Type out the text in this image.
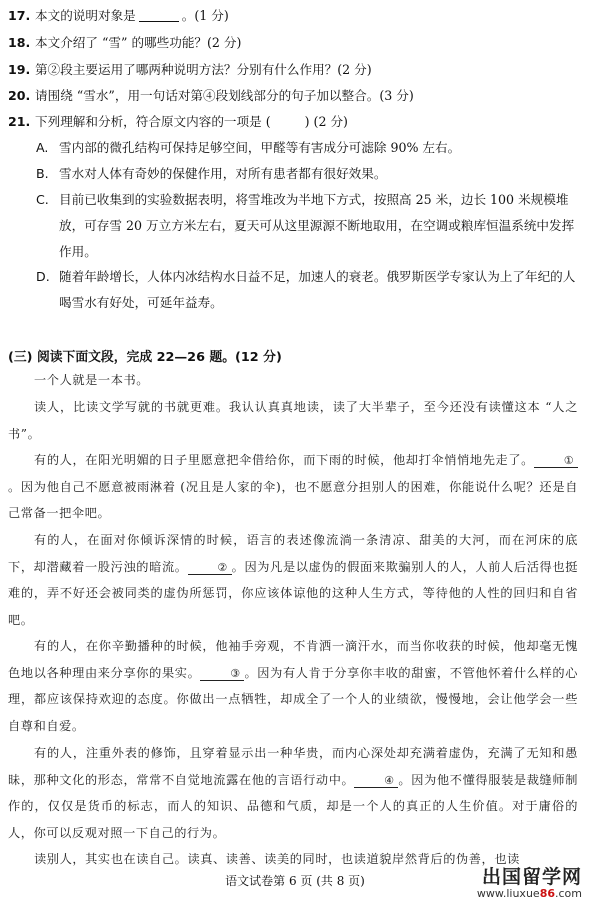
17. 本文的说明对象是	。(1 分)
18. 本文介绍了 “雪” 的哪些功能？(2 分)
19. 第②段主要运用了哪两种说明方法？分别有什么作用？(2 分)
20. 请围绕 “雪水”，用一句话对第④段划线部分的句子加以整合。(3 分)
21. 下列理解和分析，符合原文内容的一项是 (	) (2 分)
A. 雪内部的微孔结构可保持足够空间，甲醛等有害成分可滤除 90% 左右。
B. 雪水对人体有奇妙的保健作用，对所有患者都有很好效果。
C. 目前已收集到的实验数据表明，将雪堆改为半地下方式，按照高 25 米，边长 100 米规模堆放，可存雪 20 万立方米左右，夏天可从这里源源不断地取用，在空调或粮库恒温系统中发挥作用。
D. 随着年龄增长，人体内冰结构水日益不足，加速人的衰老。俄罗斯医学专家认为上了年纪的人喝雪水有好处，可延年益寿。
(三) 阅读下面文段，完成 22—26 题。(12 分)
一个人就是一本书。
读人，比读文学写就的书就更难。我认认真真地读，读了大半辈子，至今还没有读懂这本 “人之书”。
有的人，在阳光明媚的日子里愿意把伞借给你，而下雨的时候，他却打伞悄悄地先走了。	①。因为他自己不愿意被雨淋着 (况且是人家的伞)，也不愿意分担别人的困难，你能说什么呢？还是自己常备一把伞吧。
有的人，在面对你倾诉深情的时候，语言的表述像流淌一条清凉、甜美的大河，而在河床的底下，却潜藏着一股污浊的暗流。	② 。因为凡是以虚伪的假面来欺骗别人的人，人前人后活得也挺难的，弄不好还会被同类的虚伪所惩罚，你应该体谅他的这种人生方式，等待他的人性的回归和自省吧。
有的人，在你辛勤播种的时候，他袖手旁观，不肯洒一滴汗水，而当你收获的时候，他却毫无愧色地以各种理由来分享你的果实。	③ 。因为有人肯于分享你丰收的甜蜜，不管他怀着什么样的心理，都应该保持欢迎的态度。你做出一点牺牲，却成全了一个人的业绩欲，慢慢地，会让他学会一些自尊和自爱。
有的人，注重外表的修饰，且穿着显示出一种华贵，而内心深处却充满着虚伪，充满了无知和愚昧，那种文化的形态，常常不自觉地流露在他的言语行动中。	④ 。因为他不懂得服装是裁缝师制作的，仅仅是货币的标志，而人的知识、品德和气质，却是一个人的真正的人生价值。对于庸俗的人，你可以反观对照一下自己的行为。
读别人，其实也在读自己。读真、读善、读美的同时，也读道貌岸然背后的伪善，也读
语文试卷第 6 页 (共 8 页)	出国留学网
www.liuxue86.com
